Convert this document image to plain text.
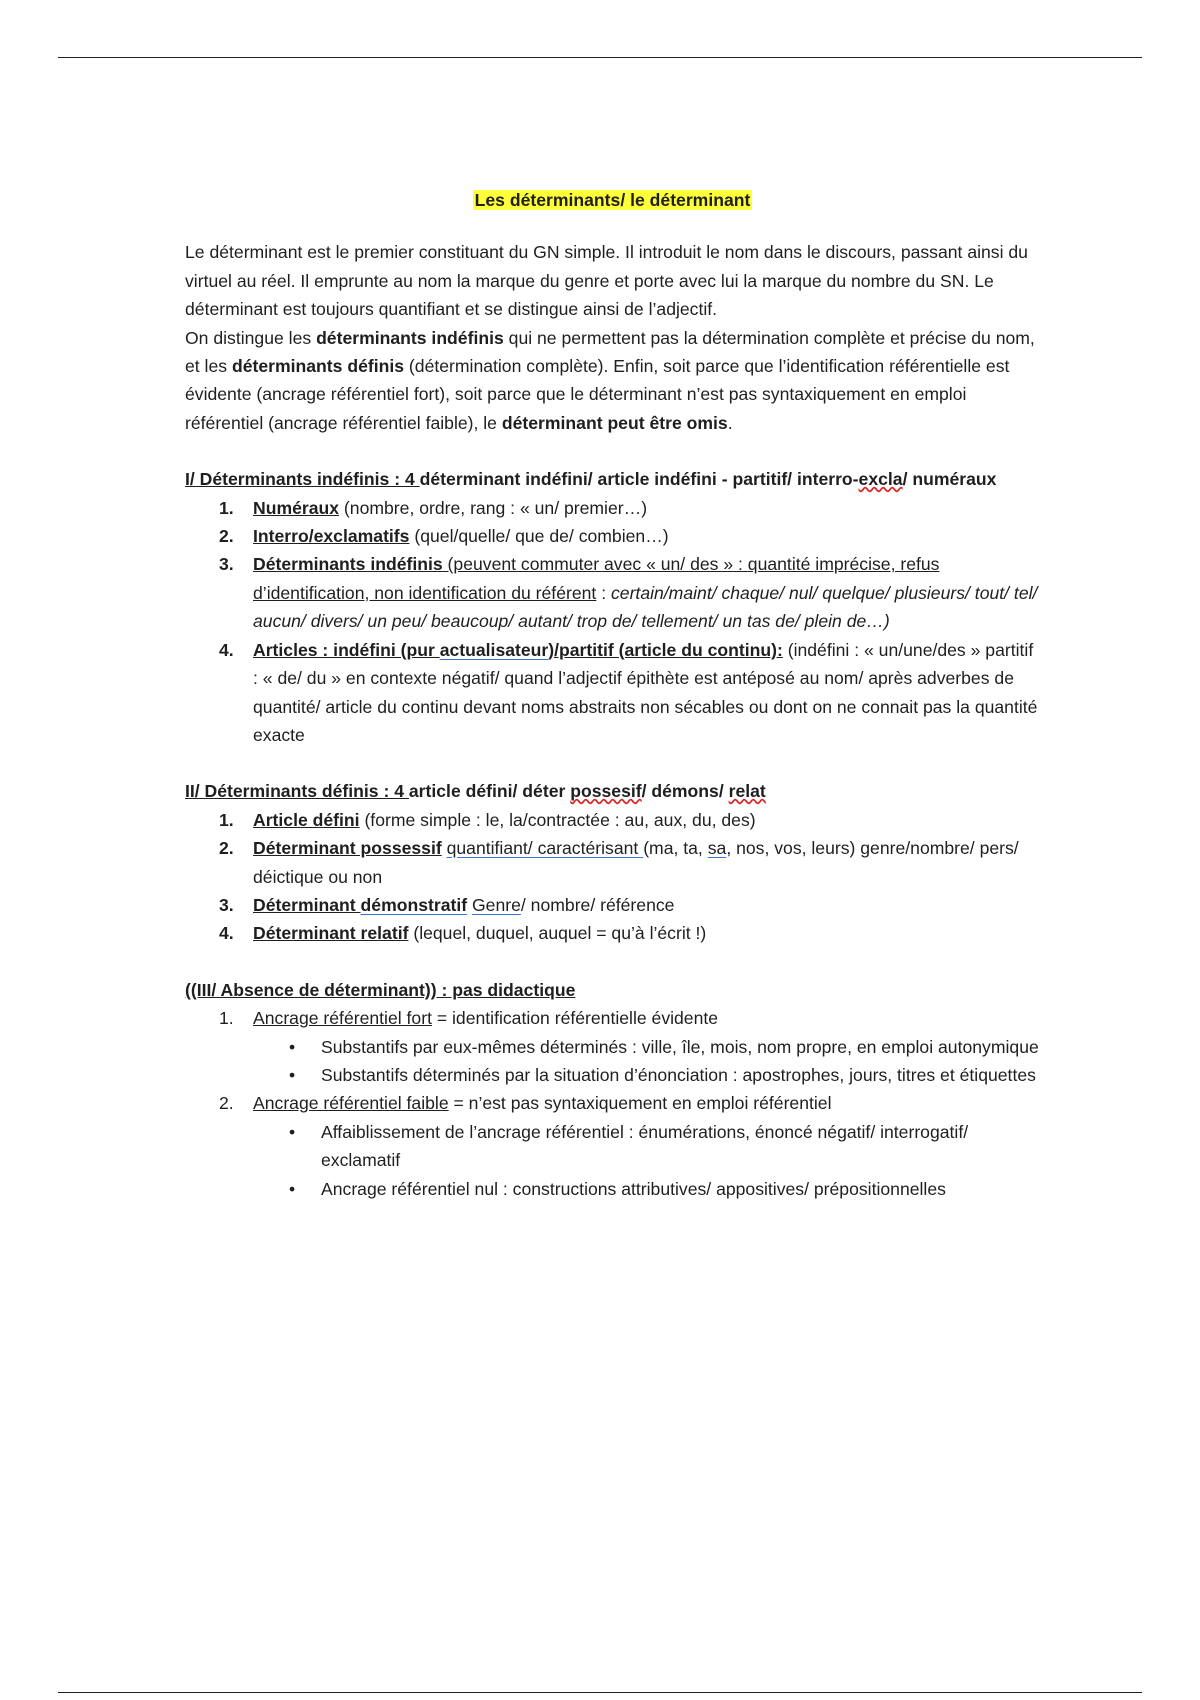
Les déterminants/ le déterminant

Le déterminant est le premier constituant du GN simple. Il introduit le nom dans le discours, passant ainsi du virtuel au réel. Il emprunte au nom la marque du genre et porte avec lui la marque du nombre du SN. Le déterminant est toujours quantifiant et se distingue ainsi de l’adjectif.

On distingue les déterminants indéfinis qui ne permettent pas la détermination complète et précise du nom, et les déterminants définis (détermination complète). Enfin, soit parce que l’identification référentielle est évidente (ancrage référentiel fort), soit parce que le déterminant n’est pas syntaxiquement en emploi référentiel (ancrage référentiel faible), le déterminant peut être omis.

I/ Déterminants indéfinis : 4 déterminant indéfini/ article indéfini - partitif/ interro-excla/ numéraux

1. Numéraux (nombre, ordre, rang : « un/ premier…)
2. Interro/exclamatifs (quel/quelle/ que de/ combien…)
3. Déterminants indéfinis (peuvent commuter avec « un/ des » : quantité imprécise, refus d’identification, non identification du référent : certain/maint/ chaque/ nul/ quelque/ plusieurs/ tout/ tel/ aucun/ divers/ un peu/ beaucoup/ autant/ trop de/ tellement/ un tas de/ plein de…)
4. Articles : indéfini (pur actualisateur)/partitif (article du continu): (indéfini : « un/une/des » partitif : « de/ du » en contexte négatif/ quand l’adjectif épithète est antéposé au nom/ après adverbes de quantité/ article du continu devant noms abstraits non sécables ou dont on ne connait pas la quantité exacte

II/ Déterminants définis : 4 article défini/ déter possesif/ démons/ relat

1. Article défini (forme simple : le, la/contractée : au, aux, du, des)
2. Déterminant possessif quantifiant/ caractérisant (ma, ta, sa, nos, vos, leurs) genre/nombre/ pers/ déictique ou non
3. Déterminant démonstratif Genre/ nombre/ référence
4. Déterminant relatif (lequel, duquel, auquel = qu’à l’écrit !)

((III/ Absence de déterminant)) : pas didactique

1. Ancrage référentiel fort = identification référentielle évidente
• Substantifs par eux-mêmes déterminés : ville, île, mois, nom propre, en emploi autonymique
• Substantifs déterminés par la situation d’énonciation : apostrophes, jours, titres et étiquettes
2. Ancrage référentiel faible = n’est pas syntaxiquement en emploi référentiel
• Affaiblissement de l’ancrage référentiel : énumérations, énoncé négatif/ interrogatif/ exclamatif
• Ancrage référentiel nul : constructions attributives/ appositives/ prépositionnelles
